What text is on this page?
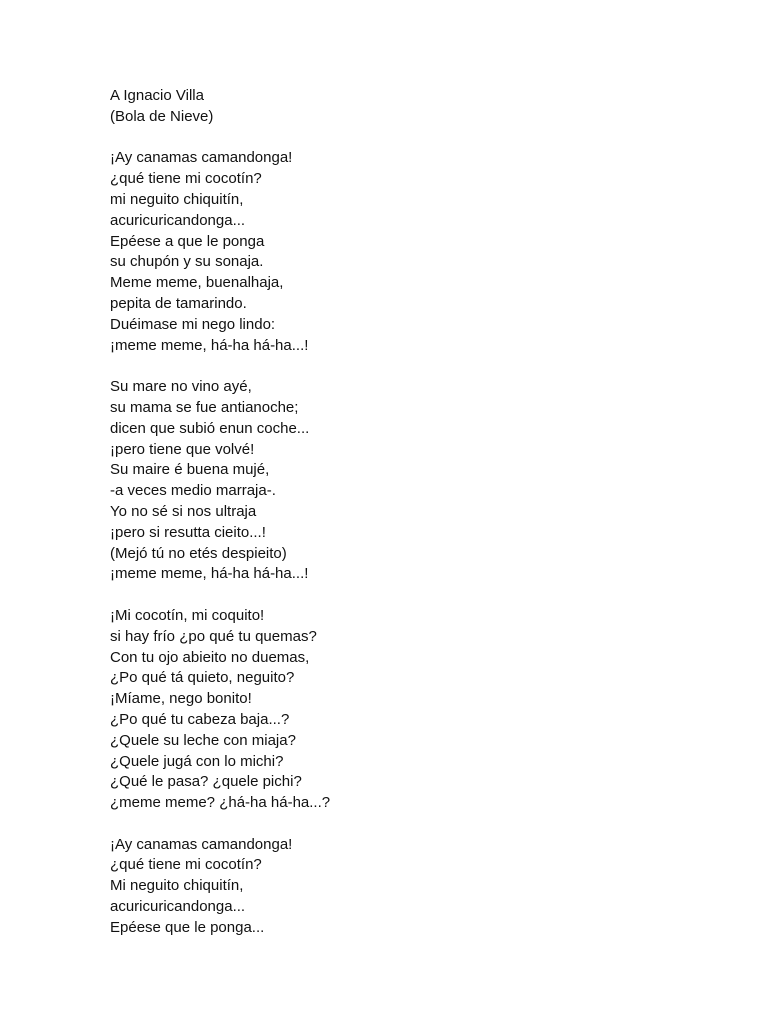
A Ignacio Villa
(Bola de Nieve)
¡Ay canamas camandonga!
¿qué tiene mi cocotín?
mi neguito chiquitín,
acuricuricandonga...
Epéese a que le ponga
su chupón y su sonaja.
Meme meme, buenalhaja,
pepita de tamarindo.
Duéimase mi nego lindo:
¡meme meme, há-ha há-ha...!
Su mare no vino ayé,
su mama se fue antianoche;
dicen que subió enun coche...
¡pero tiene que volvé!
Su maire é buena mujé,
-a veces medio marraja-.
Yo no sé si nos ultraja
¡pero si resutta cieito...!
(Mejó tú no etés despieito)
¡meme meme, há-ha há-ha...!
¡Mi cocotín, mi coquito!
si hay frío ¿po qué tu quemas?
Con tu ojo abieito no duemas,
¿Po qué tá quieto, neguito?
¡Míame, nego bonito!
¿Po qué tu cabeza baja...?
¿Quele su leche con miaja?
¿Quele jugá con lo michi?
¿Qué le pasa? ¿quele pichi?
¿meme meme? ¿há-ha há-ha...?
¡Ay canamas camandonga!
¿qué tiene mi cocotín?
Mi neguito chiquitín,
acuricuricandonga...
Epéese que le ponga...
